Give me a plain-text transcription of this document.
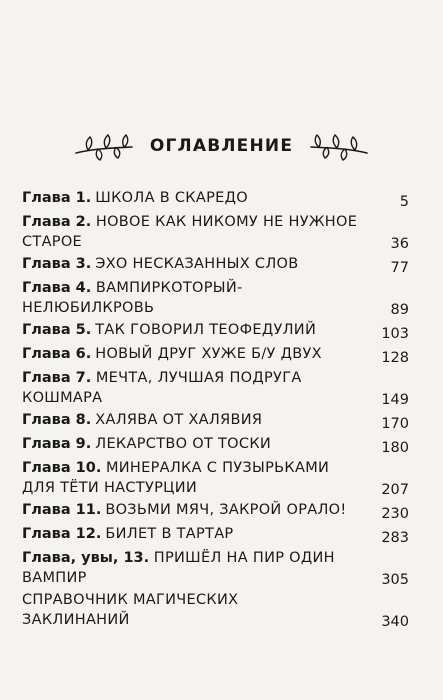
ОГЛАВЛЕНИЕ
Глава 1. ШКОЛА В СКАРЕДО	5
Глава 2. НОВОЕ КАК НИКОМУ НЕ НУЖНОЕ
СТАРОЕ	36
Глава 3. ЭХО НЕСКАЗАННЫХ СЛОВ	77
Глава 4. ВАМПИРКОТОРЫЙ-
НЕЛЮБИЛКРОВЬ	89
Глава 5. ТАК ГОВОРИЛ ТЕОФЕДУЛИЙ	103
Глава 6. НОВЫЙ ДРУГ ХУЖЕ Б/У ДВУХ	128
Глава 7. МЕЧТА, ЛУЧШАЯ ПОДРУГА
КОШМАРА	149
Глава 8. ХАЛЯВА ОТ ХАЛЯВИЯ	170
Глава 9. ЛЕКАРСТВО ОТ ТОСКИ	180
Глава 10. МИНЕРАЛКА С ПУЗЫРЬКАМИ
ДЛЯ ТЁТИ НАСТУРЦИИ	207
Глава 11. ВОЗЬМИ МЯЧ, ЗАКРОЙ ОРАЛО! 230
Глава 12. БИЛЕТ В ТАРТАР	283
Глава, увы, 13. ПРИШЁЛ НА ПИР ОДИН
ВАМПИР	305
СПРАВОЧНИК МАГИЧЕСКИХ
ЗАКЛИНАНИЙ	340
